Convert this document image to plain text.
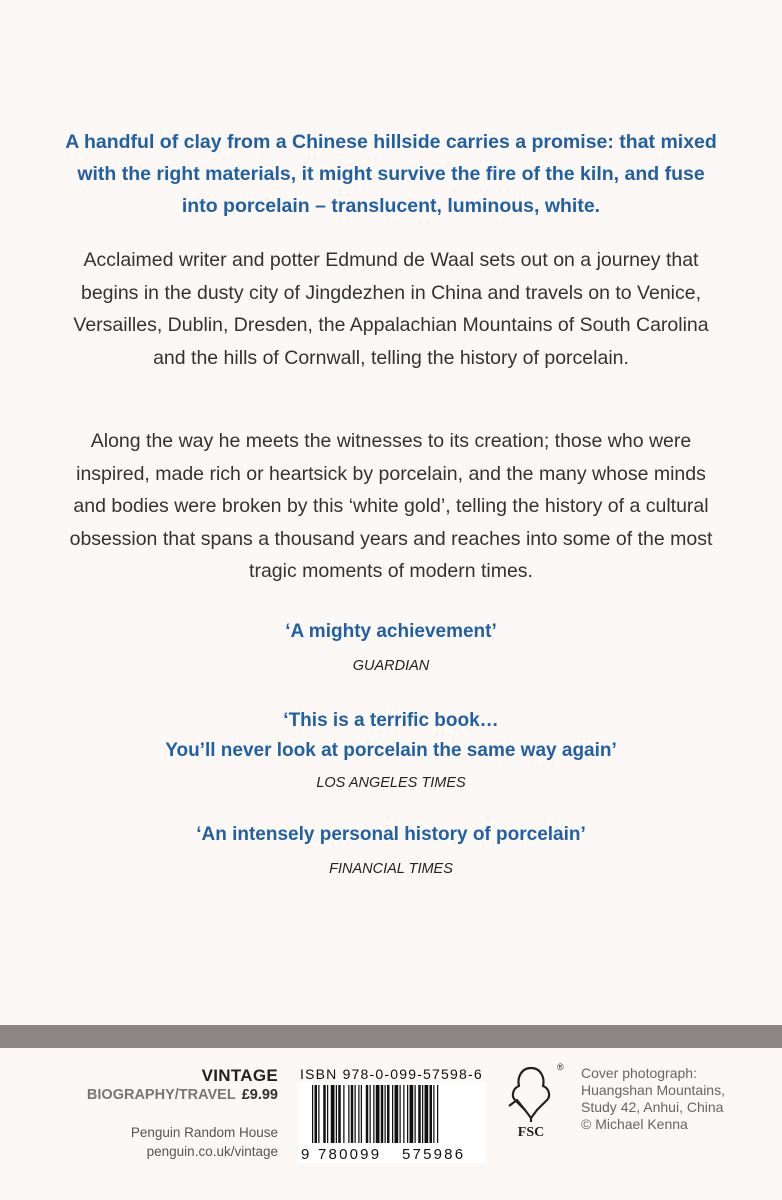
A handful of clay from a Chinese hillside carries a promise: that mixed with the right materials, it might survive the fire of the kiln, and fuse into porcelain – translucent, luminous, white.

Acclaimed writer and potter Edmund de Waal sets out on a journey that begins in the dusty city of Jingdezhen in China and travels on to Venice, Versailles, Dublin, Dresden, the Appalachian Mountains of South Carolina and the hills of Cornwall, telling the history of porcelain.

Along the way he meets the witnesses to its creation; those who were inspired, made rich or heartsick by porcelain, and the many whose minds and bodies were broken by this ‘white gold’, telling the history of a cultural obsession that spans a thousand years and reaches into some of the most tragic moments of modern times.

‘A mighty achievement’

GUARDIAN

‘This is a terrific book…
You’ll never look at porcelain the same way again’

LOS ANGELES TIMES

‘An intensely personal history of porcelain’

FINANCIAL TIMES

VINTAGE
BIOGRAPHY/TRAVEL £9.99
Penguin Random House
penguin.co.uk/vintage
ISBN 978-0-099-57598-6
9 780099 575986
®
FSC
Cover photograph:
Huangshan Mountains,
Study 42, Anhui, China
© Michael Kenna
